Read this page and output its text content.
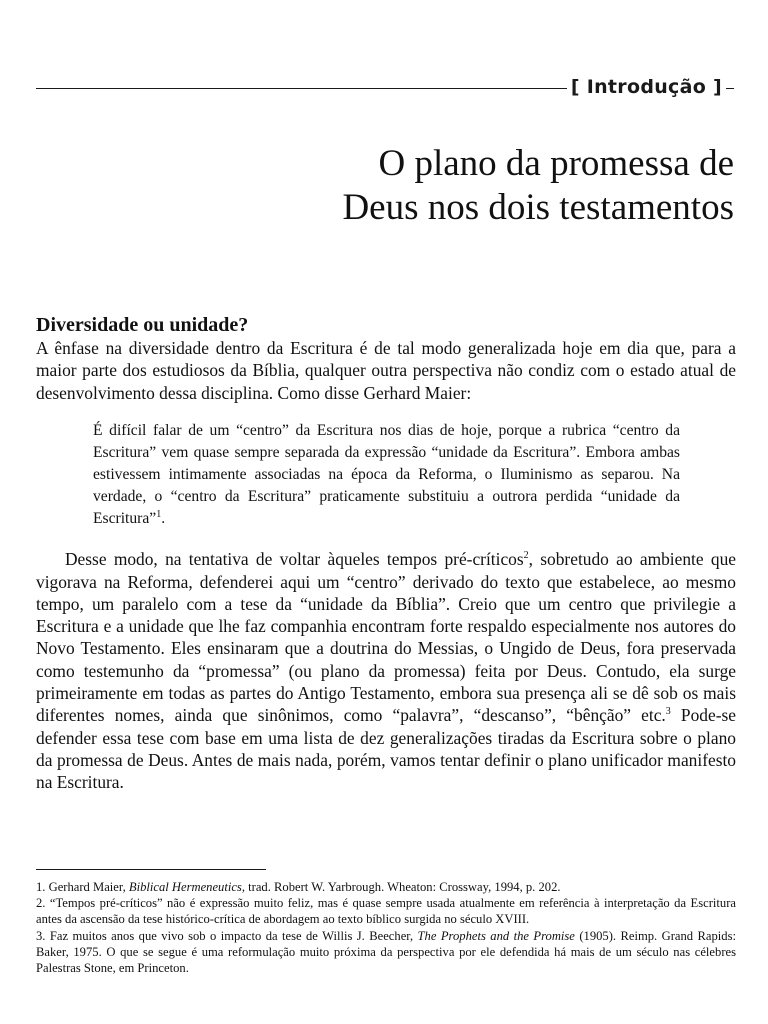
[ Introdução ]
O plano da promessa de
Deus nos dois testamentos
Diversidade ou unidade?

A ênfase na diversidade dentro da Escritura é de tal modo generalizada hoje em dia que, para a maior parte dos estudiosos da Bíblia, qualquer outra perspectiva não condiz com o estado atual de desenvolvimento dessa disciplina. Como disse Gerhard Maier:

É difícil falar de um “centro” da Escritura nos dias de hoje, porque a rubrica “centro da Escritura” vem quase sempre separada da expressão “unidade da Escritura”. Embora ambas estivessem intimamente associadas na época da Reforma, o Iluminismo as separou. Na verdade, o “centro da Escritura” praticamente substituiu a outrora perdida “unidade da Escritura”$^1$.

Desse modo, na tentativa de voltar àqueles tempos pré-críticos$^2$, sobretudo ao ambiente que vigorava na Reforma, defenderei aqui um “centro” derivado do texto que estabelece, ao mesmo tempo, um paralelo com a tese da “unidade da Bíblia”. Creio que um centro que privilegie a Escritura e a unidade que lhe faz companhia encontram forte respaldo especialmente nos autores do Novo Testamento. Eles ensinaram que a doutrina do Messias, o Ungido de Deus, fora preservada como testemunho da “promessa” (ou plano da promessa) feita por Deus. Contudo, ela surge primeiramente em todas as partes do Antigo Testamento, embora sua presença ali se dê sob os mais diferentes nomes, ainda que sinônimos, como “palavra”, “descanso”, “bênção” etc.$^3$ Pode-se defender essa tese com base em uma lista de dez generalizações tiradas da Escritura sobre o plano da promessa de Deus. Antes de mais nada, porém, vamos tentar definir o plano unificador manifesto na Escritura.

1. Gerhard Maier, Biblical Hermeneutics, trad. Robert W. Yarbrough. Wheaton: Crossway, 1994, p. 202.

2. “Tempos pré-críticos” não é expressão muito feliz, mas é quase sempre usada atualmente em referência à interpretação da Escritura antes da ascensão da tese histórico-crítica de abordagem ao texto bíblico surgida no século XVIII.

3. Faz muitos anos que vivo sob o impacto da tese de Willis J. Beecher, The Prophets and the Promise (1905). Reimp. Grand Rapids: Baker, 1975. O que se segue é uma reformulação muito próxima da perspectiva por ele defendida há mais de um século nas célebres Palestras Stone, em Princeton.
